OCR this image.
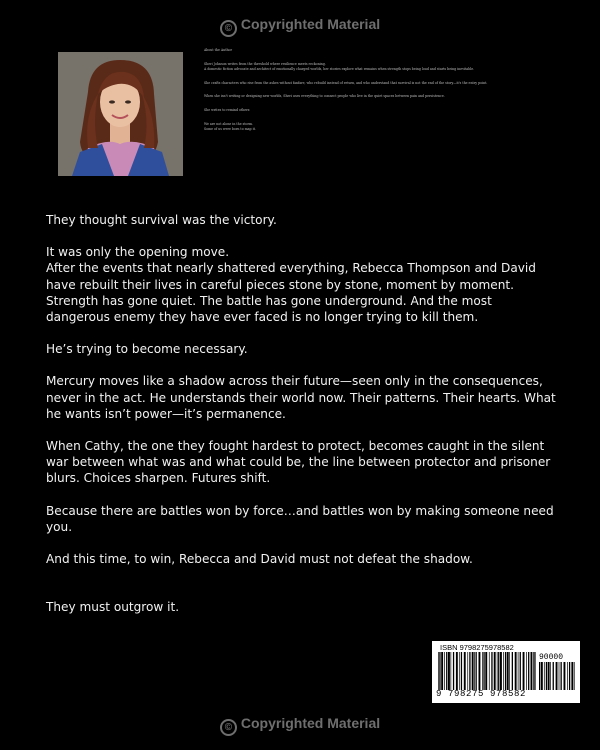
© Copyrighted Material

About the Author

Sheri Johnson writes from the threshold where resilience meets reckoning.

A domestic fiction advocate and architect of emotionally charged worlds, her stories explore what remains when strength stops being loud and starts being inevitable.

She crafts characters who rise from the ashes without fanfare, who rebuild instead of return, and who understand that survival is not the end of the story—it's the entry point.

When she isn't writing or designing new worlds, Sheri uses everything to connect people who live in the quiet spaces between pain and persistence.

She writes to remind others:

We are not alone in the storm.

Some of us were born to map it.

They thought survival was the victory.

It was only the opening move.

After the events that nearly shattered everything, Rebecca Thompson and David have rebuilt their lives in careful pieces stone by stone, moment by moment. Strength has gone quiet. The battle has gone underground. And the most dangerous enemy they have ever faced is no longer trying to kill them.

He’s trying to become necessary.

Mercury moves like a shadow across their future—seen only in the consequences, never in the act. He understands their world now. Their patterns. Their hearts. What he wants isn’t power—it’s permanence.

When Cathy, the one they fought hardest to protect, becomes caught in the silent war between what was and what could be, the line between protector and prisoner blurs. Choices sharpen. Futures shift.

Because there are battles won by force…and battles won by making someone need you.

And this time, to win, Rebecca and David must not defeat the shadow.

They must outgrow it.

ISBN 9798275978582
90000
9 798275 978582
© Copyrighted Material
